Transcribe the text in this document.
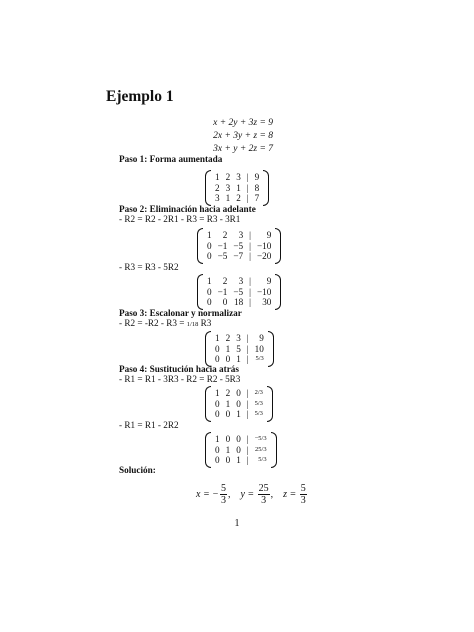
Ejemplo 1
x + 2y + 3z = 9
2x + 3y + z = 8
3x + y + 2z = 7
Paso 1: Forma aumentada
1	2	3	|	9
2	3	1	|	8
3	1	2	|	7
Paso 2: Eliminación hacia adelante
- R2 = R2 - 2R1 - R3 = R3 - 3R1
1	2	3	|	9
0	−1	−5	|	−10
0	−5	−7	|	−20
- R3 = R3 - 5R2
1	2	3	|	9
0	−1	−5	|	−10
0	0	18	|	30
Paso 3: Escalonar y normalizar
- R2 = -R2 - R3 = 1/18 R3
1	2	3	|	9
0	1	5	|	10
0	0	1	|	5/3
Paso 4: Sustitución hacia atrás
- R1 = R1 - 3R3 - R2 = R2 - 5R3
1	2	0	|	2/3
0	1	0	|	5/3
0	0	1	|	5/3
- R1 = R1 - 2R2
1	0	0	|	−5/3
0	1	0	|	25/3
0	0	1	|	5/3
Solución:
x = − $\frac{5}{3}$ ,    $y = \frac{25}{3}$ ,    $z = \frac{5}{3}$
1
